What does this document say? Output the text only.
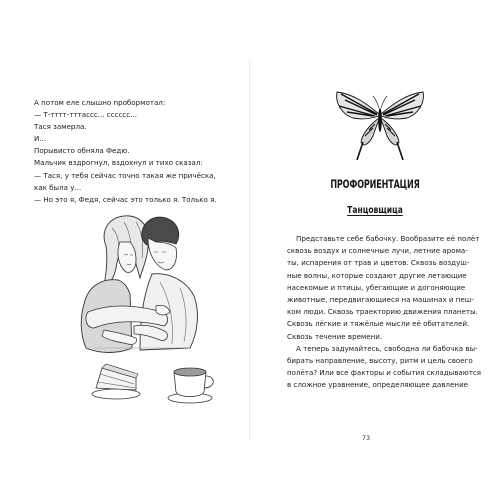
А потом еле слышно пробормотал:
— Т-тттт-тттассс... сссссс...
Тася замерла.
И...
Порывисто обняла Федю.
Мальчик вздрогнул, вздохнул и тихо сказал:
— Тася, у тебя сейчас точно такая же причёска,
как была у...
— Но это я, Федя, сейчас это только я. Только я.
ПРОФОРИЕНТАЦИЯ
Танцовщица
Представьте себе бабочку. Вообразите её полёт
сквозь воздух и солнечные лучи, летние арома-
ты, испарения от трав и цветов. Сквозь воздуш-
ные волны, которые создают другие летающие
насекомые и птицы, убегающие и догоняющие
животные, передвигающиеся на машинах и пеш-
ком люди. Сквозь траекторию движения планеты.
Сквозь лёгкие и тяжёлые мысли её обитателей.
Сквозь течение времени.
А теперь задумайтесь, свободна ли бабочка вы-
бирать направление, высоту, ритм и цель своего
полёта? Или все факторы и события складываются
в сложное уравнение, определяющее давление
73
